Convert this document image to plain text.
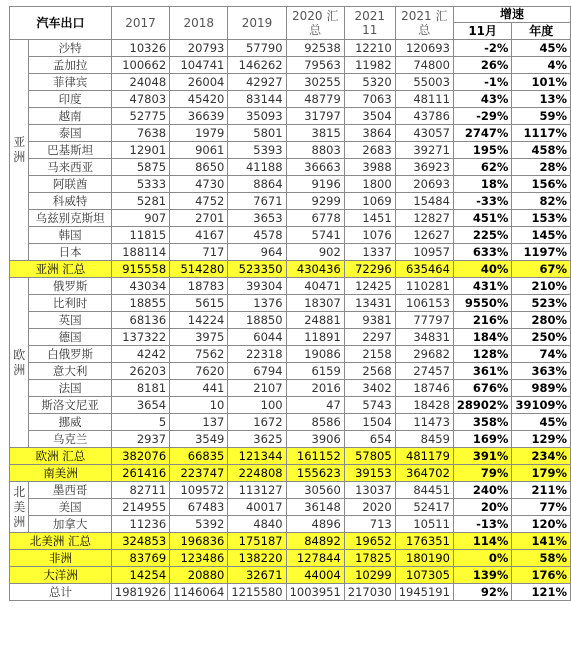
汽车出口		2017	2018	2019	2020 汇总	2021 11	2021 汇总	增速	
								11月	年度
亚洲	沙特	10326	20793	57790	92538	12210	120693	-2%	45%
	孟加拉	100662	104741	146262	79563	11982	74800	26%	4%
	菲律宾	24048	26004	42927	30255	5320	55003	-1%	101%
	印度	47803	45420	83144	48779	7063	48111	43%	13%
	越南	52775	36639	35093	31797	3504	43786	-29%	59%
	泰国	7638	1979	5801	3815	3864	43057	2747%	1117%
	巴基斯坦	12901	9061	5393	8803	2683	39271	195%	458%
	马来西亚	5875	8650	41188	36663	3988	36923	62%	28%
	阿联酋	5333	4730	8864	9196	1800	20693	18%	156%
	科威特	5281	4752	7671	9299	1069	15484	-33%	82%
	乌兹别克斯坦	907	2701	3653	6778	1451	12827	451%	153%
	韩国	11815	4167	4578	5741	1076	12627	225%	145%
	日本	188114	717	964	902	1337	10957	633%	1197%
亚洲 汇总		915558	514280	523350	430436	72296	635464	40%	67%
欧洲	俄罗斯	43034	18783	39304	40471	12425	110281	431%	210%
	比利时	18855	5615	1376	18307	13431	106153	9550%	523%
	英国	68136	14224	18850	24881	9381	77797	216%	280%
	德国	137322	3975	6044	11891	2297	34831	184%	250%
	白俄罗斯	4242	7562	22318	19086	2158	29682	128%	74%
	意大利	26203	7620	6794	6159	2568	27457	361%	363%
	法国	8181	441	2107	2016	3402	18746	676%	989%
	斯洛文尼亚	3654	10	100	47	5743	18428	28902%	39109%
	挪威	5	137	1672	8586	1504	11473	358%	45%
	乌克兰	2937	3549	3625	3906	654	8459	169%	129%
欧洲 汇总		382076	66835	121344	161152	57805	481179	391%	234%
南美洲		261416	223747	224808	155623	39153	364702	79%	179%
北美洲	墨西哥	82711	109572	113127	30560	13037	84451	240%	211%
	美国	214955	67483	40017	36148	2020	52417	20%	77%
	加拿大	11236	5392	4840	4896	713	10511	-13%	120%
北美洲 汇总		324853	196836	175187	84892	19652	176351	114%	141%
非洲		83769	123486	138220	127844	17825	180190	0%	58%
大洋洲		14254	20880	32671	44004	10299	107305	139%	176%
总计		1981926	1146064	1215580	1003951	217030	1945191	92%	121%
